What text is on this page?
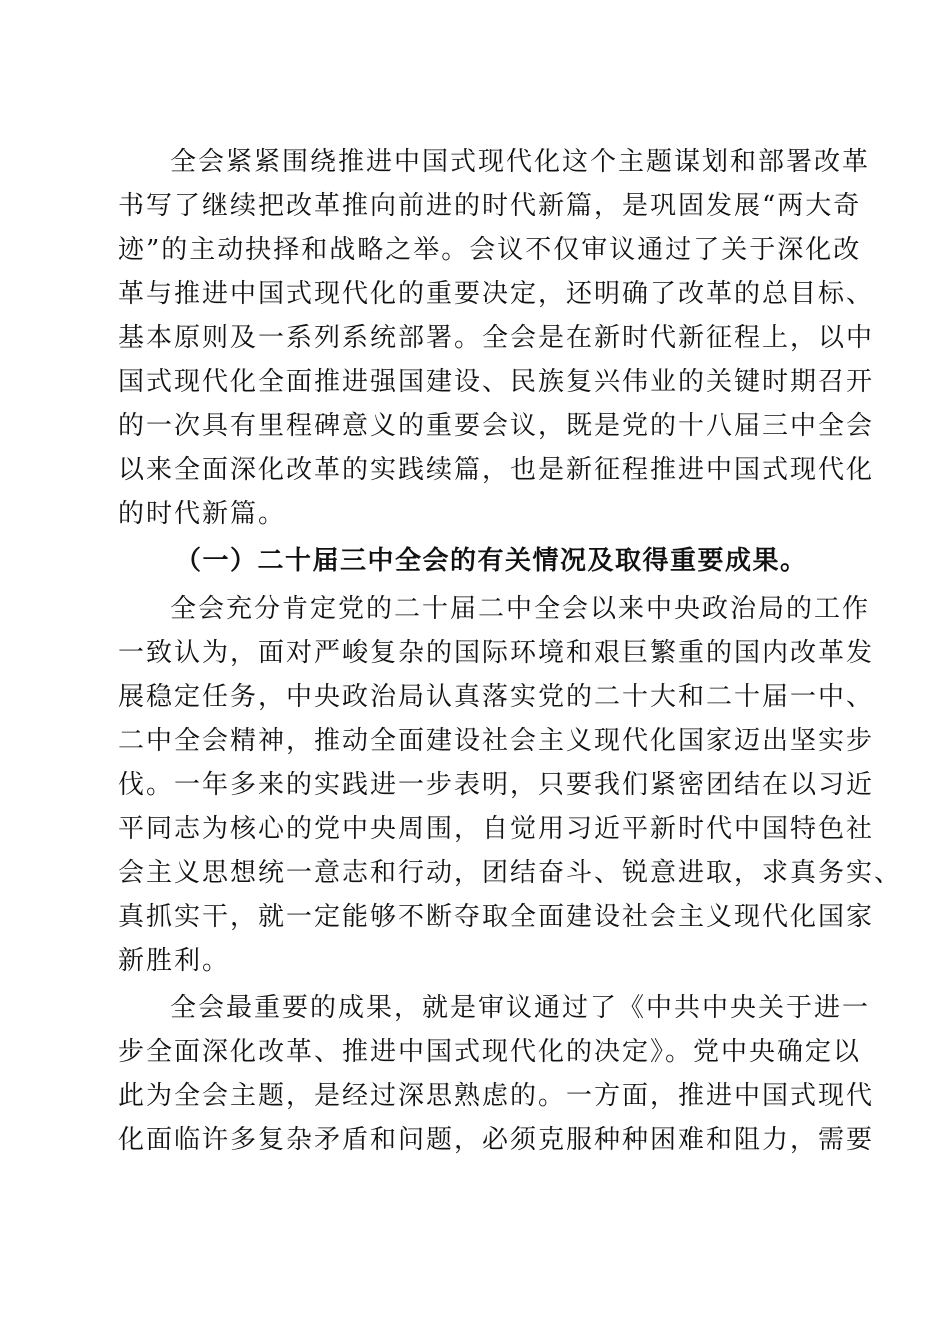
全会紧紧围绕推进中国式现代化这个主题谋划和部署改革
书写了继续把改革推向前进的时代新篇，是巩固发展“两大奇
迹”的主动抉择和战略之举。会议不仅审议通过了关于深化改
革与推进中国式现代化的重要决定，还明确了改革的总目标、
基本原则及一系列系统部署。全会是在新时代新征程上，以中
国式现代化全面推进强国建设、民族复兴伟业的关键时期召开
的一次具有里程碑意义的重要会议，既是党的十八届三中全会
以来全面深化改革的实践续篇，也是新征程推进中国式现代化
的时代新篇。
（一）二十届三中全会的有关情况及取得重要成果。
全会充分肯定党的二十届二中全会以来中央政治局的工作
一致认为，面对严峻复杂的国际环境和艰巨繁重的国内改革发
展稳定任务，中央政治局认真落实党的二十大和二十届一中、
二中全会精神，推动全面建设社会主义现代化国家迈出坚实步
伐。一年多来的实践进一步表明，只要我们紧密团结在以习近
平同志为核心的党中央周围，自觉用习近平新时代中国特色社
会主义思想统一意志和行动，团结奋斗、锐意进取，求真务实、
真抓实干，就一定能够不断夺取全面建设社会主义现代化国家
新胜利。
全会最重要的成果，就是审议通过了《中共中央关于进一
步全面深化改革、推进中国式现代化的决定》。党中央确定以
此为全会主题，是经过深思熟虑的。一方面，推进中国式现代
化面临许多复杂矛盾和问题，必须克服种种困难和阻力，需要
